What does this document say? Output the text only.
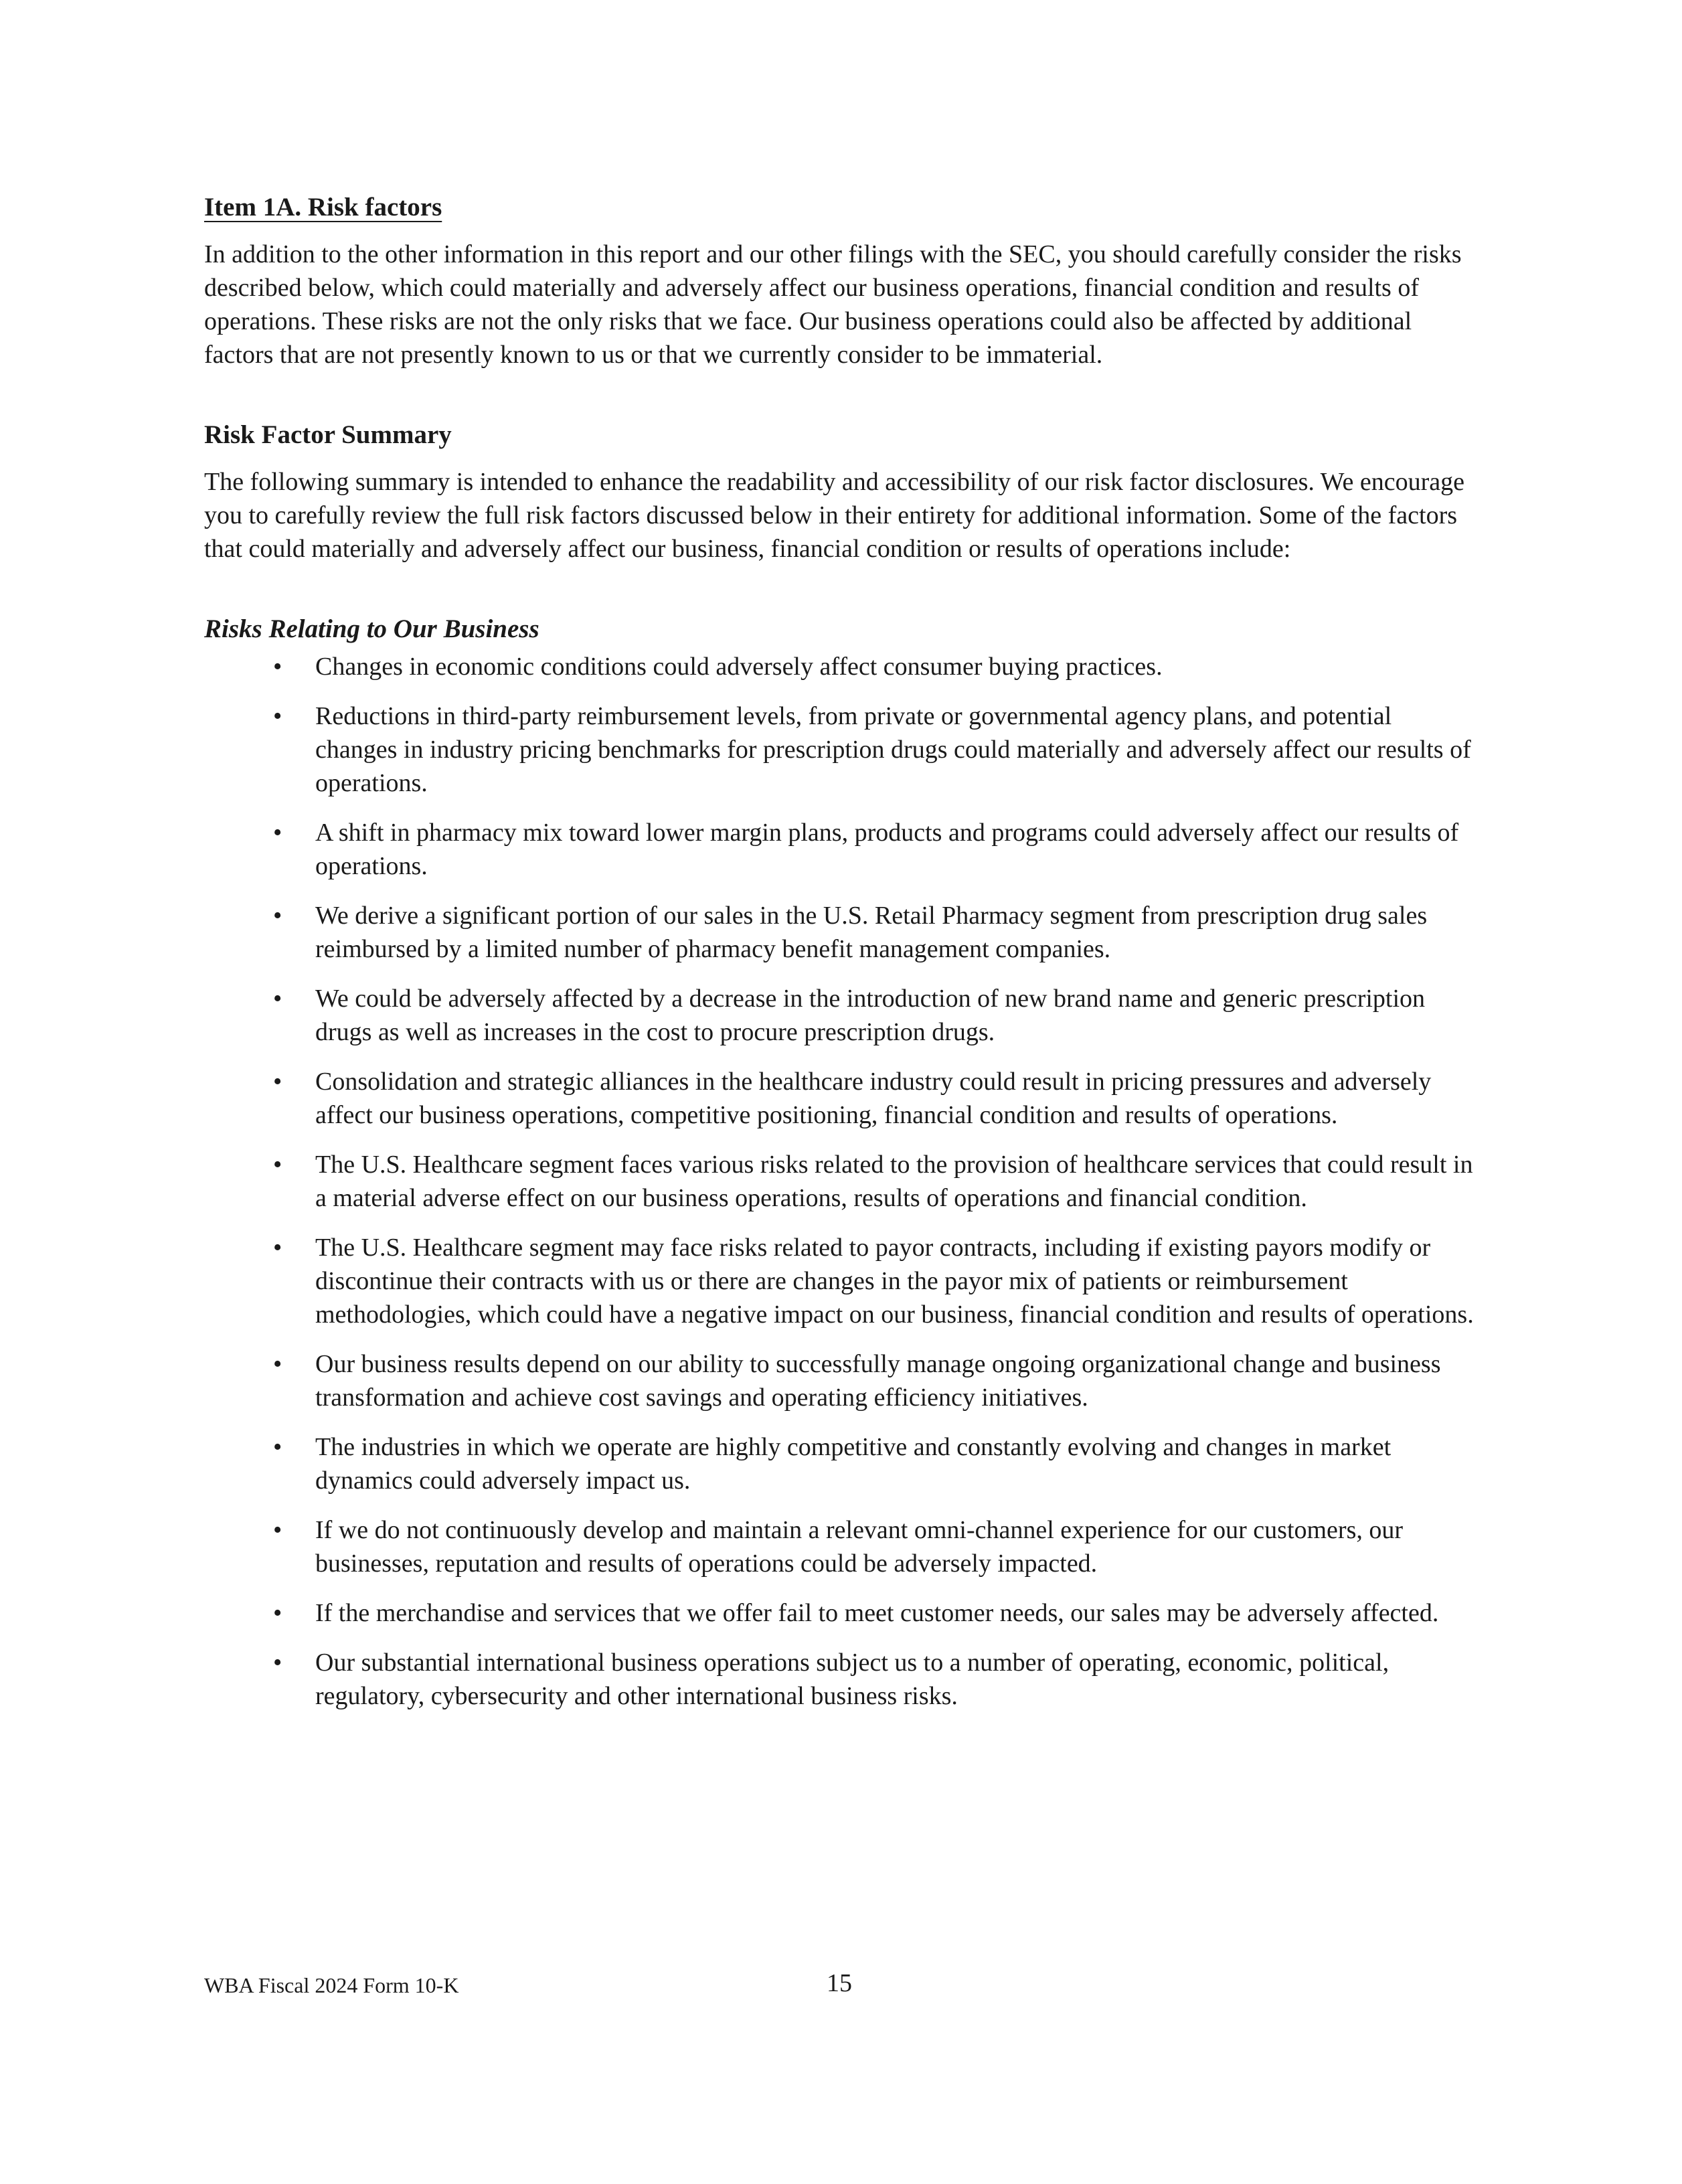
Item 1A. Risk factors

In addition to the other information in this report and our other filings with the SEC, you should carefully consider the risks described below, which could materially and adversely affect our business operations, financial condition and results of operations. These risks are not the only risks that we face. Our business operations could also be affected by additional factors that are not presently known to us or that we currently consider to be immaterial.

Risk Factor Summary

The following summary is intended to enhance the readability and accessibility of our risk factor disclosures. We encourage you to carefully review the full risk factors discussed below in their entirety for additional information. Some of the factors that could materially and adversely affect our business, financial condition or results of operations include:

Risks Relating to Our Business
• Changes in economic conditions could adversely affect consumer buying practices.
• Reductions in third-party reimbursement levels, from private or governmental agency plans, and potential changes in industry pricing benchmarks for prescription drugs could materially and adversely affect our results of operations.
• A shift in pharmacy mix toward lower margin plans, products and programs could adversely affect our results of operations.
• We derive a significant portion of our sales in the U.S. Retail Pharmacy segment from prescription drug sales reimbursed by a limited number of pharmacy benefit management companies.
• We could be adversely affected by a decrease in the introduction of new brand name and generic prescription drugs as well as increases in the cost to procure prescription drugs.
• Consolidation and strategic alliances in the healthcare industry could result in pricing pressures and adversely affect our business operations, competitive positioning, financial condition and results of operations.
• The U.S. Healthcare segment faces various risks related to the provision of healthcare services that could result in a material adverse effect on our business operations, results of operations and financial condition.
• The U.S. Healthcare segment may face risks related to payor contracts, including if existing payors modify or discontinue their contracts with us or there are changes in the payor mix of patients or reimbursement methodologies, which could have a negative impact on our business, financial condition and results of operations.
• Our business results depend on our ability to successfully manage ongoing organizational change and business transformation and achieve cost savings and operating efficiency initiatives.
• The industries in which we operate are highly competitive and constantly evolving and changes in market dynamics could adversely impact us.
• If we do not continuously develop and maintain a relevant omni-channel experience for our customers, our businesses, reputation and results of operations could be adversely impacted.
• If the merchandise and services that we offer fail to meet customer needs, our sales may be adversely affected.
• Our substantial international business operations subject us to a number of operating, economic, political, regulatory, cybersecurity and other international business risks.
WBA Fiscal 2024 Form 10-K	15
